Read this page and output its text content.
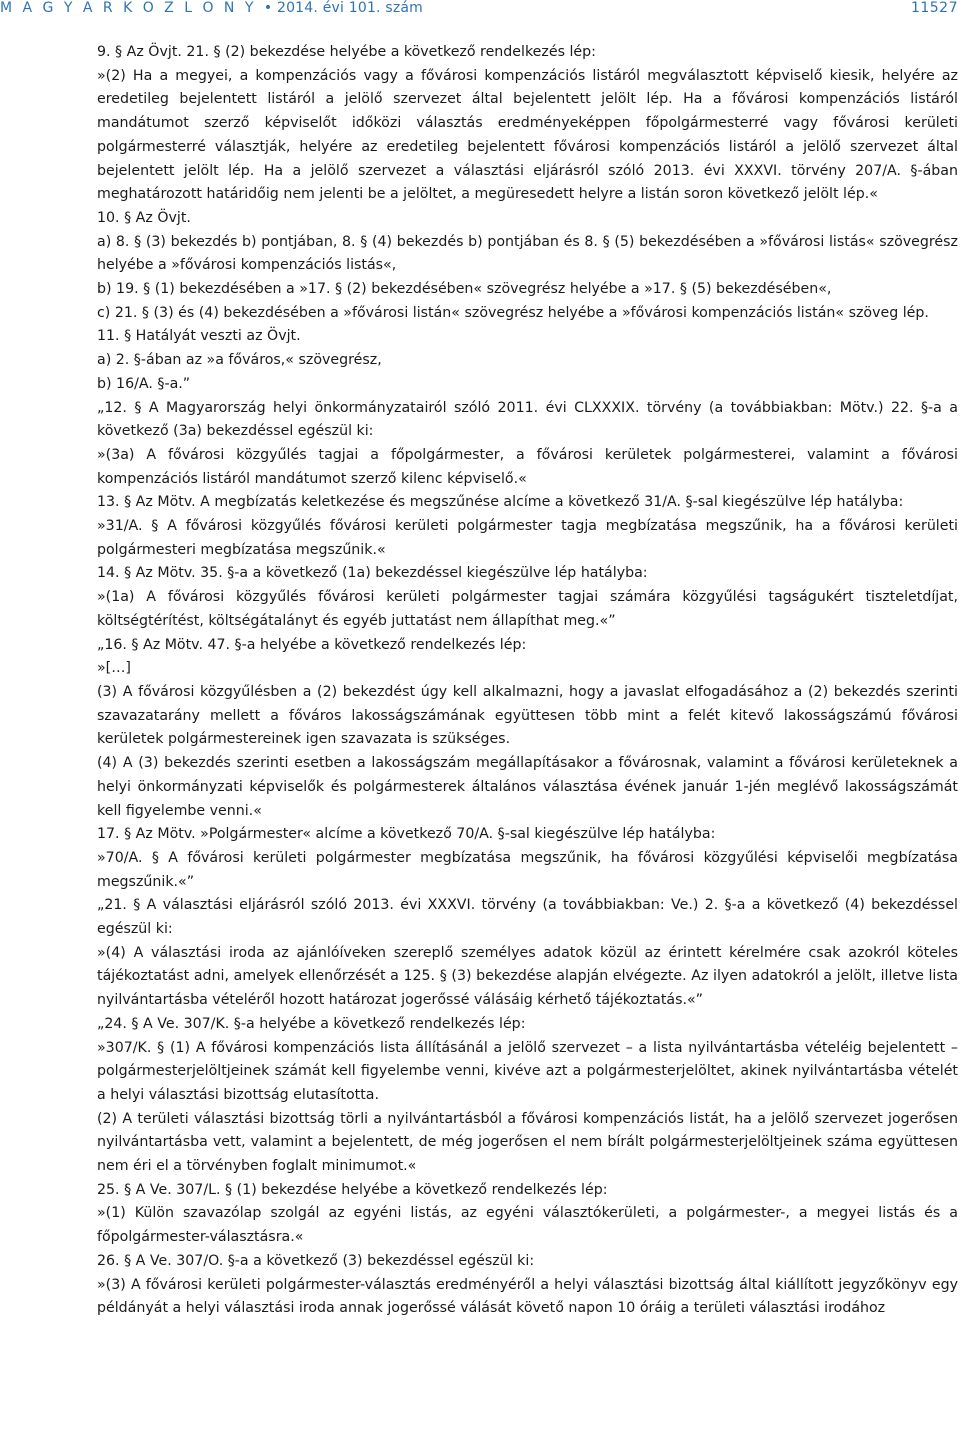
M A G Y A R K Ö Z L Ö N Y • 2014. évi 101. szám	11527

9. § Az Övjt. 21. § (2) bekezdése helyébe a következő rendelkezés lép:

»(2) Ha a megyei, a kompenzációs vagy a fővárosi kompenzációs listáról megválasztott képviselő kiesik, helyére az eredetileg bejelentett listáról a jelölő szervezet által bejelentett jelölt lép. Ha a fővárosi kompenzációs listáról mandátumot szerző képviselőt időközi választás eredményeképpen főpolgármesterré vagy fővárosi kerületi polgármesterré választják, helyére az eredetileg bejelentett fővárosi kompenzációs listáról a jelölő szervezet által bejelentett jelölt lép. Ha a jelölő szervezet a választási eljárásról szóló 2013. évi XXXVI. törvény 207/A. §-ában meghatározott határidőig nem jelenti be a jelöltet, a megüresedett helyre a listán soron következő jelölt lép.«

10. § Az Övjt.

a) 8. § (3) bekezdés b) pontjában, 8. § (4) bekezdés b) pontjában és 8. § (5) bekezdésében a »fővárosi listás« szövegrész helyébe a »fővárosi kompenzációs listás«,

b) 19. § (1) bekezdésében a »17. § (2) bekezdésében« szövegrész helyébe a »17. § (5) bekezdésében«,

c) 21. § (3) és (4) bekezdésében a »fővárosi listán« szövegrész helyébe a »fővárosi kompenzációs listán« szöveg lép.

11. § Hatályát veszti az Övjt.

a) 2. §-ában az »a főváros,« szövegrész,

b) 16/A. §-a.”

„12. § A Magyarország helyi önkormányzatairól szóló 2011. évi CLXXXIX. törvény (a továbbiakban: Mötv.) 22. §-a a következő (3a) bekezdéssel egészül ki:

»(3a) A fővárosi közgyűlés tagjai a főpolgármester, a fővárosi kerületek polgármesterei, valamint a fővárosi kompenzációs listáról mandátumot szerző kilenc képviselő.«

13. § Az Mötv. A megbízatás keletkezése és megszűnése alcíme a következő 31/A. §-sal kiegészülve lép hatályba:

»31/A. § A fővárosi közgyűlés fővárosi kerületi polgármester tagja megbízatása megszűnik, ha a fővárosi kerületi polgármesteri megbízatása megszűnik.«

14. § Az Mötv. 35. §-a a következő (1a) bekezdéssel kiegészülve lép hatályba:

»(1a) A fővárosi közgyűlés fővárosi kerületi polgármester tagjai számára közgyűlési tagságukért tiszteletdíjat, költségtérítést, költségátalányt és egyéb juttatást nem állapíthat meg.«”

„16. § Az Mötv. 47. §-a helyébe a következő rendelkezés lép:

»[…]

(3) A fővárosi közgyűlésben a (2) bekezdést úgy kell alkalmazni, hogy a javaslat elfogadásához a (2) bekezdés szerinti szavazatarány mellett a főváros lakosságszámának együttesen több mint a felét kitevő lakosságszámú fővárosi kerületek polgármestereinek igen szavazata is szükséges.

(4) A (3) bekezdés szerinti esetben a lakosságszám megállapításakor a fővárosnak, valamint a fővárosi kerületeknek a helyi önkormányzati képviselők és polgármesterek általános választása évének január 1-jén meglévő lakosságszámát kell figyelembe venni.«

17. § Az Mötv. »Polgármester« alcíme a következő 70/A. §-sal kiegészülve lép hatályba:

»70/A. § A fővárosi kerületi polgármester megbízatása megszűnik, ha fővárosi közgyűlési képviselői megbízatása megszűnik.«”

„21. § A választási eljárásról szóló 2013. évi XXXVI. törvény (a továbbiakban: Ve.) 2. §-a a következő (4) bekezdéssel egészül ki:

»(4) A választási iroda az ajánlóíveken szereplő személyes adatok közül az érintett kérelmére csak azokról köteles tájékoztatást adni, amelyek ellenőrzését a 125. § (3) bekezdése alapján elvégezte. Az ilyen adatokról a jelölt, illetve lista nyilvántartásba vételéről hozott határozat jogerőssé válásáig kérhető tájékoztatás.«”

„24. § A Ve. 307/K. §-a helyébe a következő rendelkezés lép:

»307/K. § (1) A fővárosi kompenzációs lista állításánál a jelölő szervezet – a lista nyilvántartásba vételéig bejelentett – polgármesterjelöltjeinek számát kell figyelembe venni, kivéve azt a polgármesterjelöltet, akinek nyilvántartásba vételét a helyi választási bizottság elutasította.

(2) A területi választási bizottság törli a nyilvántartásból a fővárosi kompenzációs listát, ha a jelölő szervezet jogerősen nyilvántartásba vett, valamint a bejelentett, de még jogerősen el nem bírált polgármesterjelöltjeinek száma együttesen nem éri el a törvényben foglalt minimumot.«

25. § A Ve. 307/L. § (1) bekezdése helyébe a következő rendelkezés lép:

»(1) Külön szavazólap szolgál az egyéni listás, az egyéni választókerületi, a polgármester-, a megyei listás és a főpolgármester-választásra.«

26. § A Ve. 307/O. §-a a következő (3) bekezdéssel egészül ki:

»(3) A fővárosi kerületi polgármester-választás eredményéről a helyi választási bizottság által kiállított jegyzőkönyv egy példányát a helyi választási iroda annak jogerőssé válását követő napon 10 óráig a területi választási irodához
